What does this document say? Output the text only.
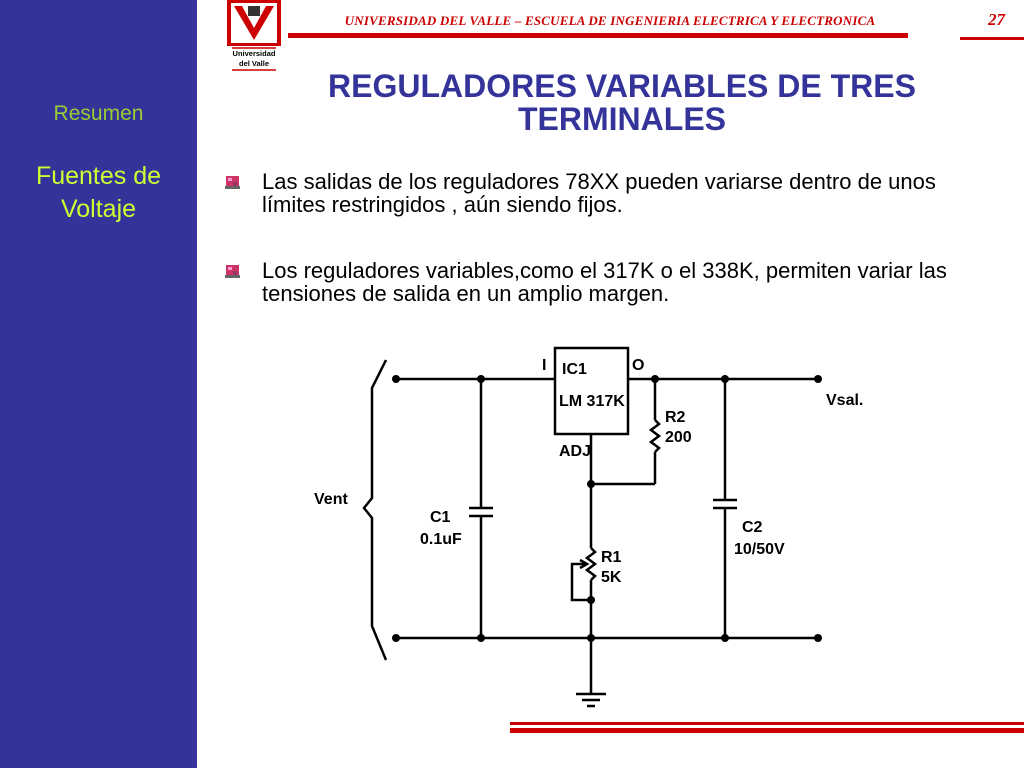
Resumen
Fuentes de
Voltaje
Universidad
del Valle
UNIVERSIDAD DEL VALLE – ESCUELA DE INGENIERIA ELECTRICA Y ELECTRONICA	27
REGULADORES VARIABLES DE TRES
TERMINALES
Las salidas de los reguladores 78XX pueden variarse dentro de unos límites restringidos , aún siendo fijos.
Los reguladores variables,como el 317K o el 338K, permiten variar las tensiones de salida en un amplio margen.
IC1
LM 317K
I	O
ADJ
R2
200
R1
5K
C1
0.1uF
C2
10/50V
Vent
Vsal.
